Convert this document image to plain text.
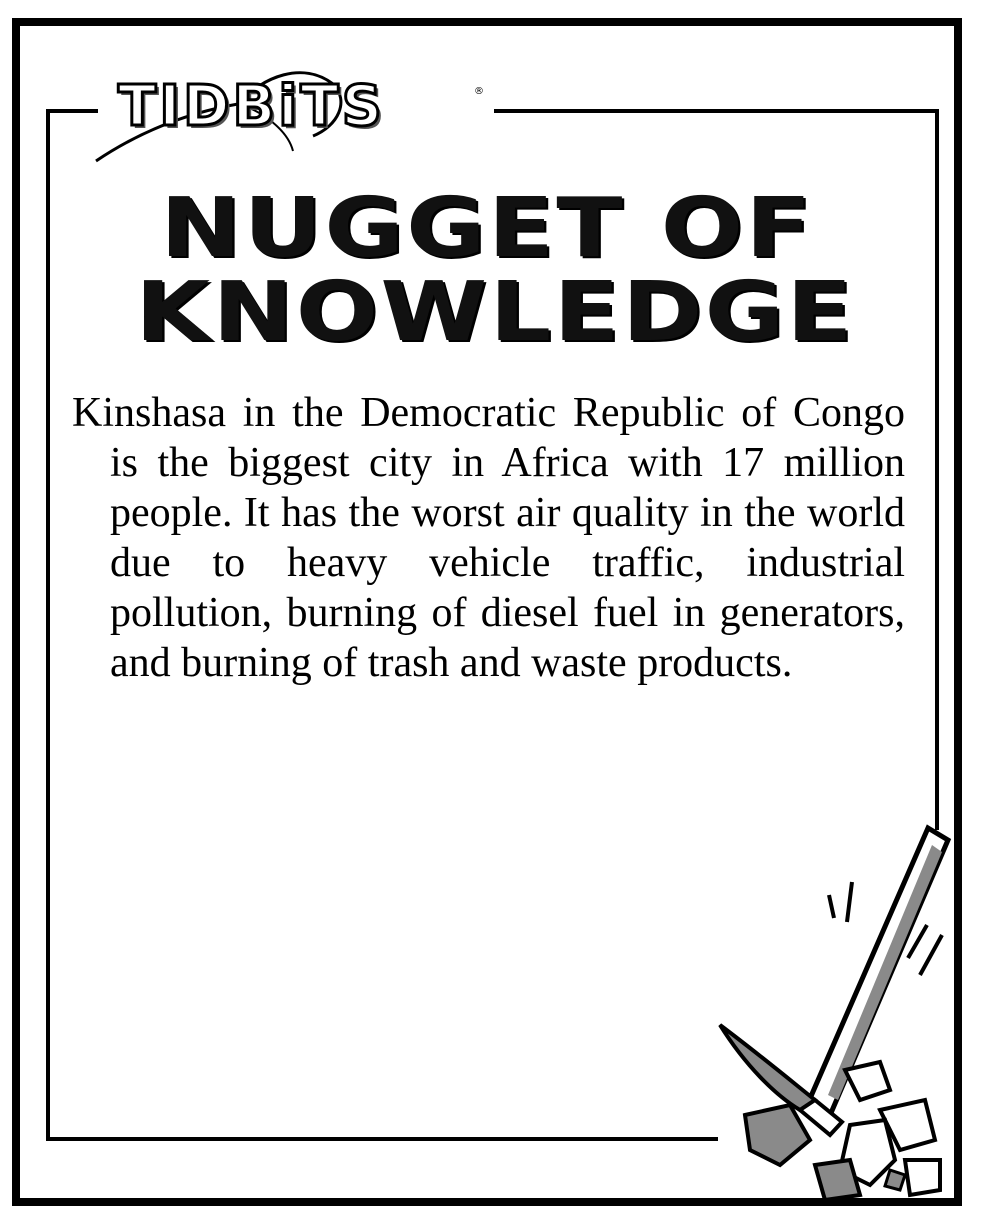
TIDBiTS	®
NUGGET OF
KNOWLEDGE
Kinshasa in the Democratic Republic of Congo is the biggest city in Africa with 17 million people. It has the worst air quality in the world due to heavy vehicle traffic, industrial pollution, burning of diesel fuel in generators, and burning of trash and waste products.
